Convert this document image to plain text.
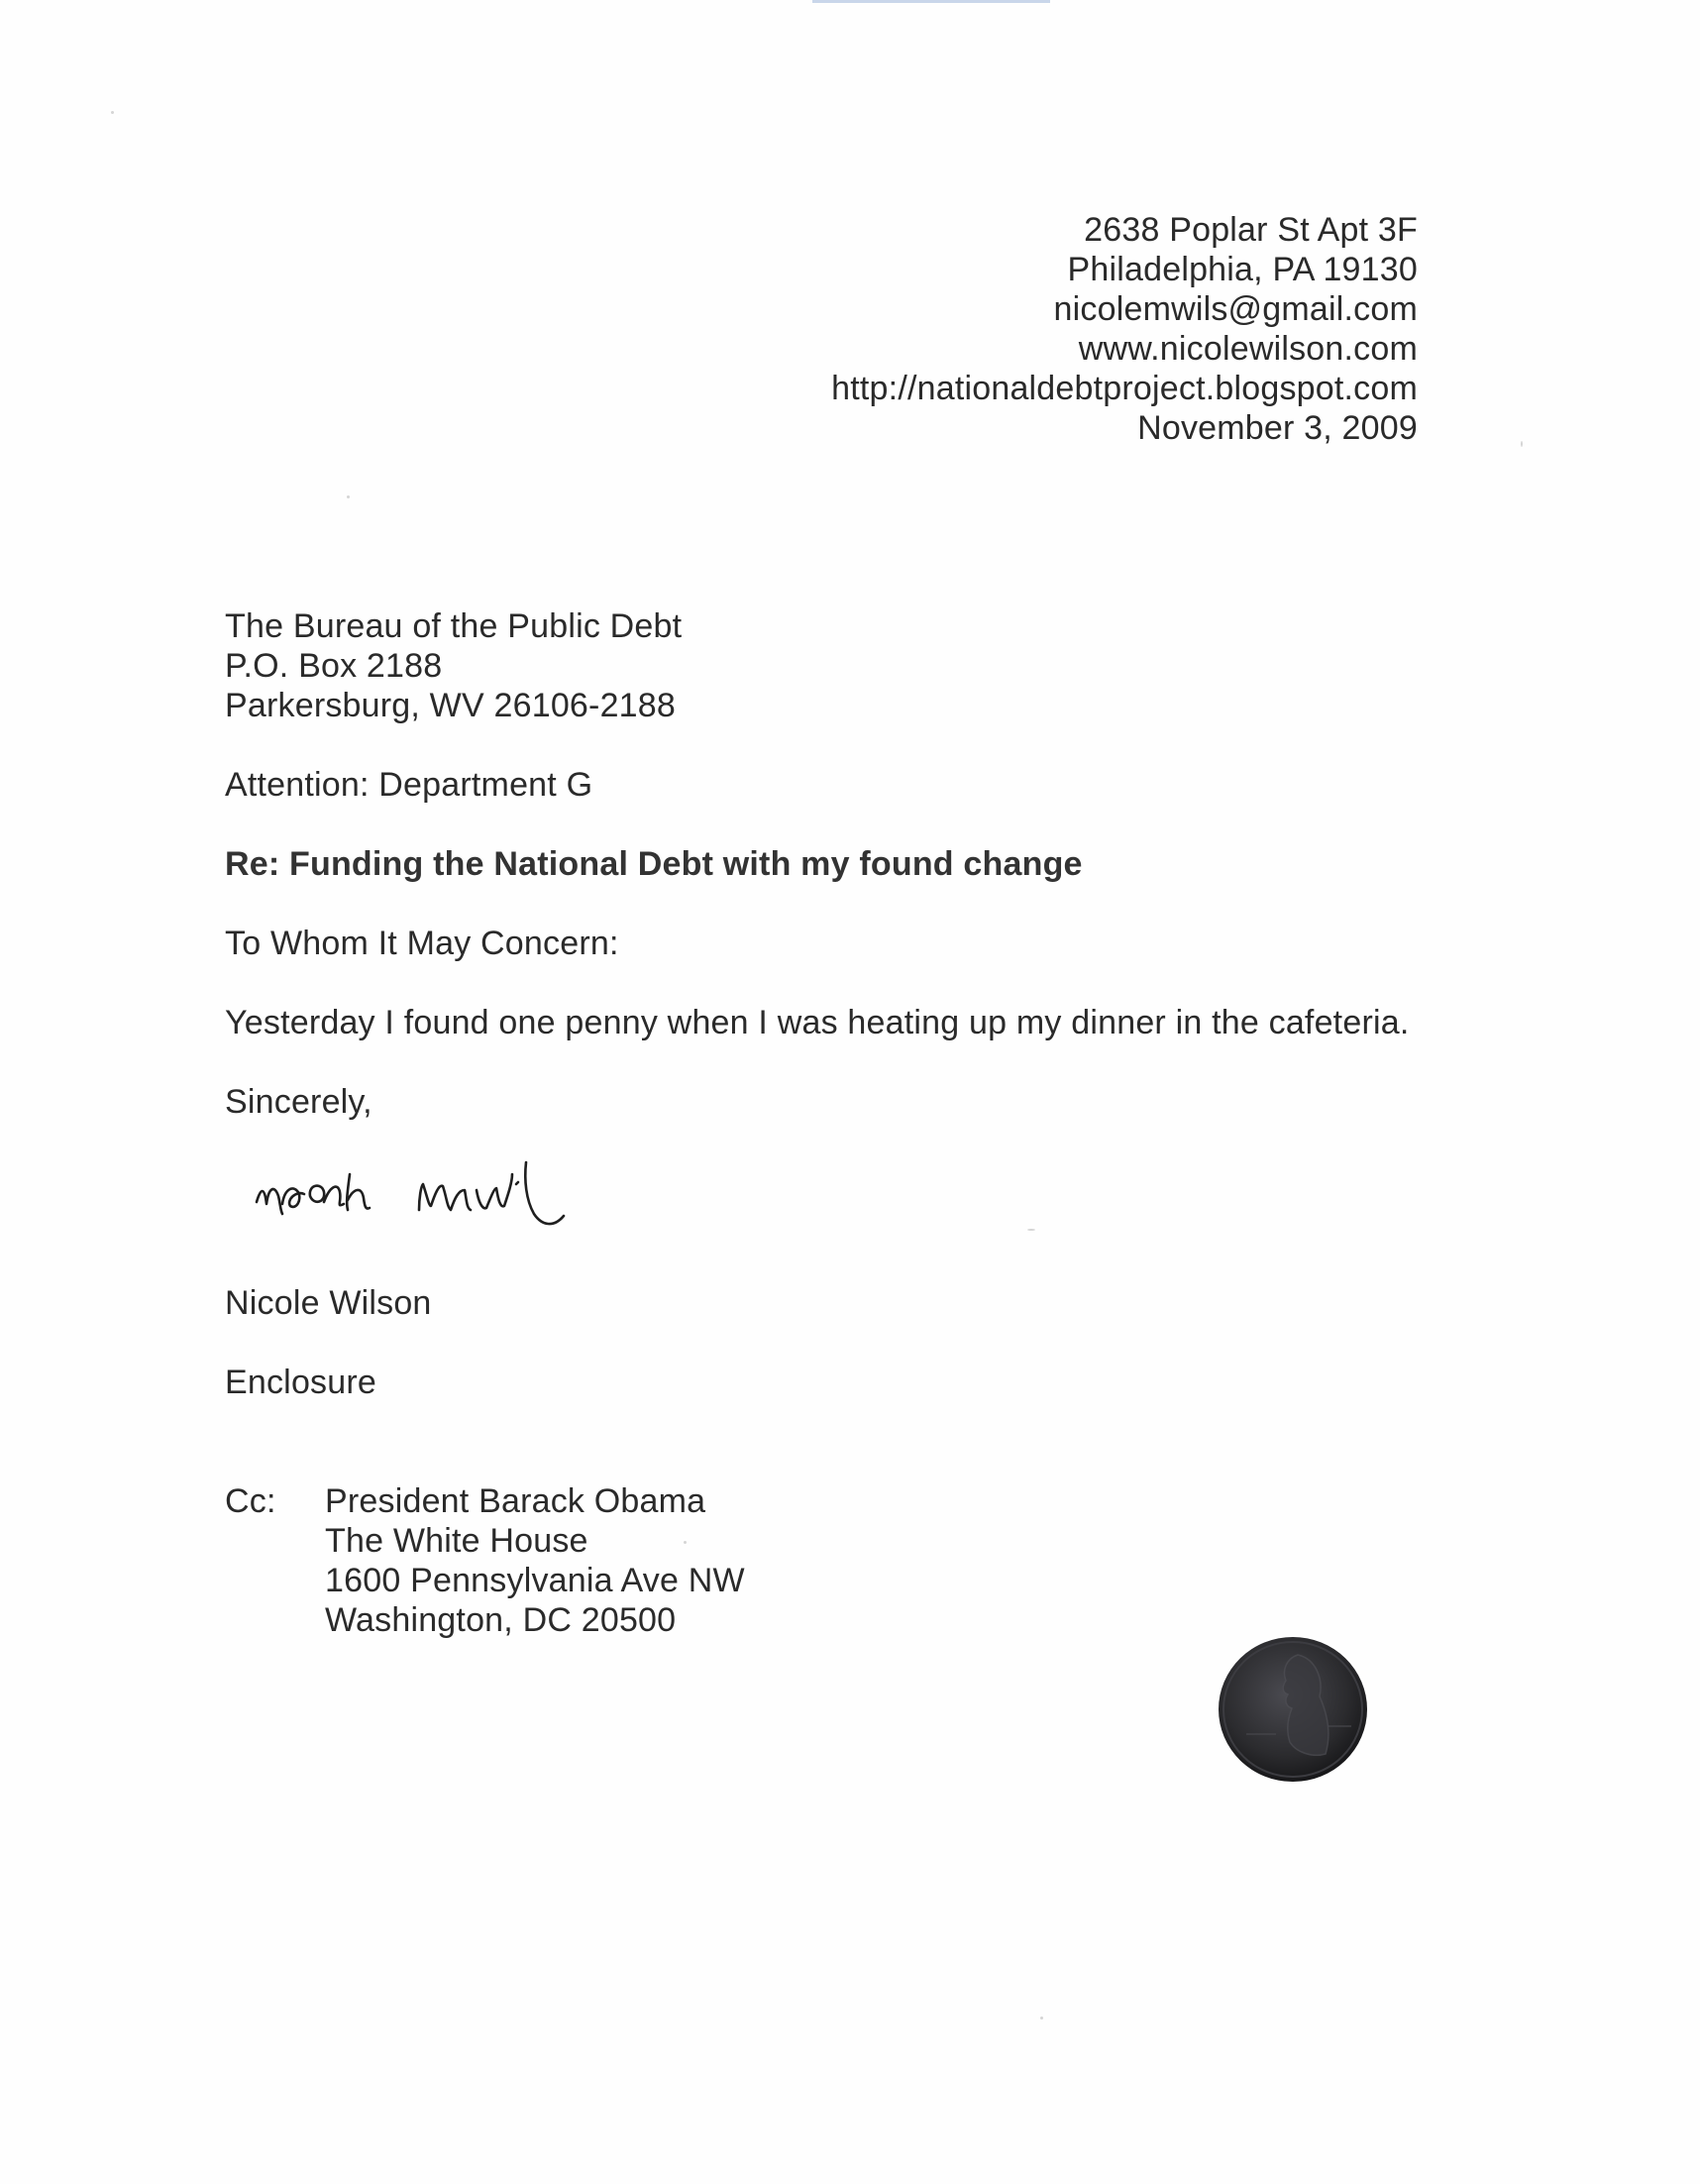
2638 Poplar St Apt 3F
Philadelphia, PA 19130
nicolemwils@gmail.com
www.nicolewilson.com
http://nationaldebtproject.blogspot.com
November 3, 2009
The Bureau of the Public Debt
P.O. Box 2188
Parkersburg, WV 26106-2188
Attention: Department G
Re: Funding the National Debt with my found change
To Whom It May Concern:
Yesterday I found one penny when I was heating up my dinner in the cafeteria.
Sincerely,
Nicole Wilson
Enclosure
Cc: President Barack Obama
The White House
1600 Pennsylvania Ave NW
Washington, DC 20500
